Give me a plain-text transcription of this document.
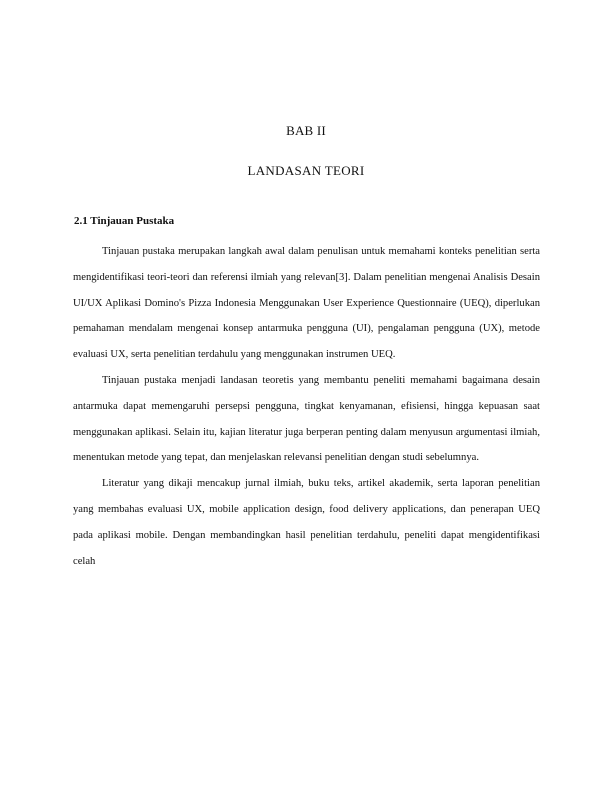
BAB II
LANDASAN TEORI
2.1 Tinjauan Pustaka

Tinjauan pustaka merupakan langkah awal dalam penulisan untuk memahami konteks penelitian serta mengidentifikasi teori-teori dan referensi ilmiah yang relevan[3]. Dalam penelitian mengenai Analisis Desain UI/UX Aplikasi Domino's Pizza Indonesia Menggunakan User Experience Questionnaire (UEQ), diperlukan pemahaman mendalam mengenai konsep antarmuka pengguna (UI), pengalaman pengguna (UX), metode evaluasi UX, serta penelitian terdahulu yang menggunakan instrumen UEQ.

Tinjauan pustaka menjadi landasan teoretis yang membantu peneliti memahami bagaimana desain antarmuka dapat memengaruhi persepsi pengguna, tingkat kenyamanan, efisiensi, hingga kepuasan saat menggunakan aplikasi. Selain itu, kajian literatur juga berperan penting dalam menyusun argumentasi ilmiah, menentukan metode yang tepat, dan menjelaskan relevansi penelitian dengan studi sebelumnya.

Literatur yang dikaji mencakup jurnal ilmiah, buku teks, artikel akademik, serta laporan penelitian yang membahas evaluasi UX, mobile application design, food delivery applications, dan penerapan UEQ pada aplikasi mobile. Dengan membandingkan hasil penelitian terdahulu, peneliti dapat mengidentifikasi celah
